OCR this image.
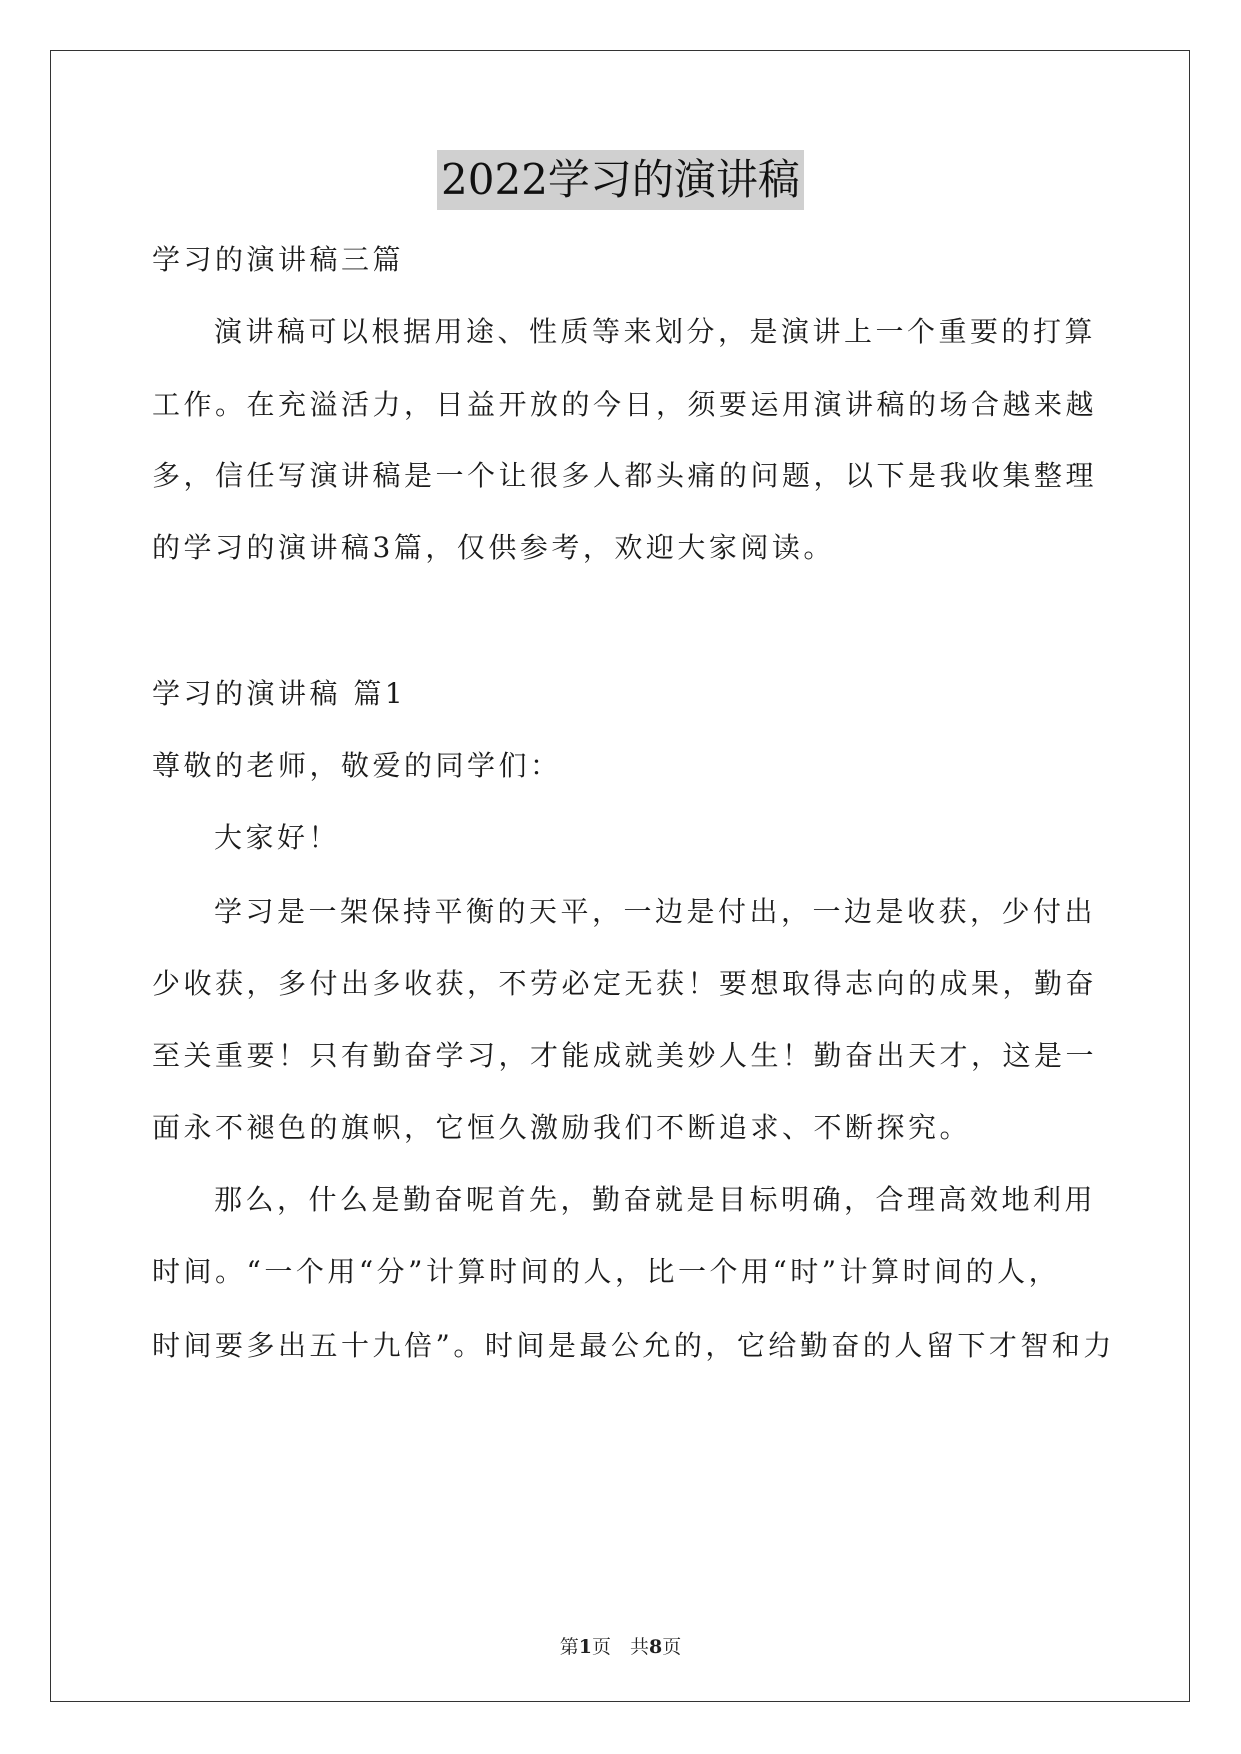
2022学习的演讲稿
学习的演讲稿三篇
演讲稿可以根据用途、性质等来划分，是演讲上一个重要的打算
工作。在充溢活力，日益开放的今日，须要运用演讲稿的场合越来越
多，信任写演讲稿是一个让很多人都头痛的问题，以下是我收集整理
的学习的演讲稿3篇，仅供参考，欢迎大家阅读。
学习的演讲稿 篇1
尊敬的老师，敬爱的同学们：
大家好！
学习是一架保持平衡的天平，一边是付出，一边是收获，少付出
少收获，多付出多收获，不劳必定无获！要想取得志向的成果，勤奋
至关重要！只有勤奋学习，才能成就美妙人生！勤奋出天才，这是一
面永不褪色的旗帜，它恒久激励我们不断追求、不断探究。
那么，什么是勤奋呢首先，勤奋就是目标明确，合理高效地利用
时间。“一个用“分”计算时间的人，比一个用“时”计算时间的人，
时间要多出五十九倍”。时间是最公允的，它给勤奋的人留下才智和力
第1页　共8页
